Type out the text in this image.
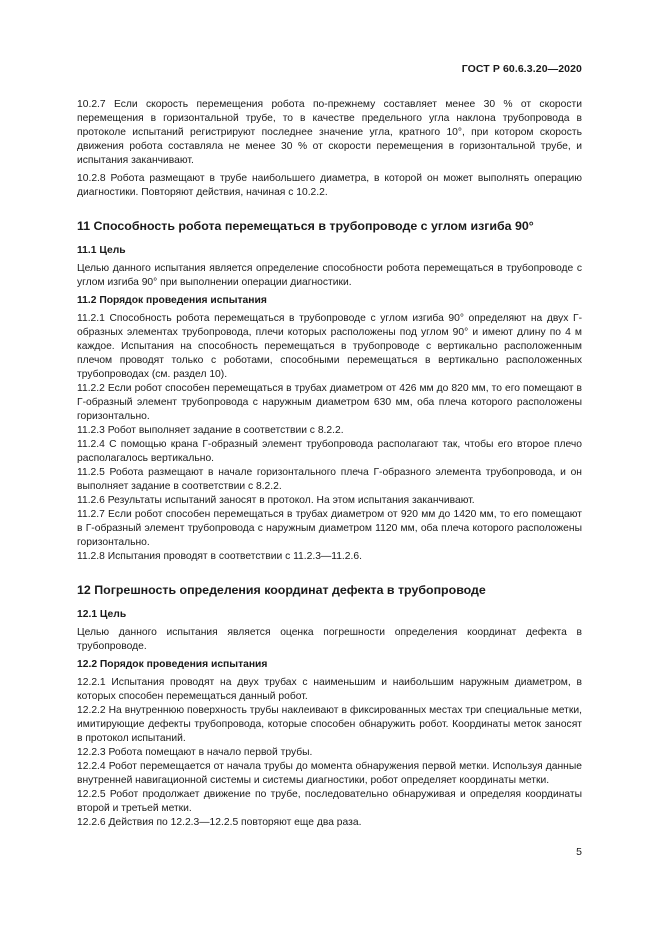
ГОСТ Р 60.6.3.20—2020

10.2.7 Если скорость перемещения робота по-прежнему составляет менее 30 % от скорости перемещения в горизонтальной трубе, то в качестве предельного угла наклона трубопровода в протоколе испытаний регистрируют последнее значение угла, кратного 10°, при котором скорость движения робота составляла не менее 30 % от скорости перемещения в горизонтальной трубе, и испытания заканчивают.

10.2.8 Робота размещают в трубе наибольшего диаметра, в которой он может выполнять операцию диагностики. Повторяют действия, начиная с 10.2.2.

11 Способность робота перемещаться в трубопроводе с углом изгиба 90°
11.1 Цель

Целью данного испытания является определение способности робота перемещаться в трубопроводе с углом изгиба 90° при выполнении операции диагностики.

11.2 Порядок проведения испытания

11.2.1 Способность робота перемещаться в трубопроводе с углом изгиба 90° определяют на двух Г-образных элементах трубопровода, плечи которых расположены под углом 90° и имеют длину по 4 м каждое. Испытания на способность перемещаться в трубопроводе с вертикально расположенным плечом проводят только с роботами, способными перемещаться в вертикально расположенных трубопроводах (см. раздел 10).

11.2.2 Если робот способен перемещаться в трубах диаметром от 426 мм до 820 мм, то его помещают в Г-образный элемент трубопровода с наружным диаметром 630 мм, оба плеча которого расположены горизонтально.

11.2.3 Робот выполняет задание в соответствии с 8.2.2.

11.2.4 С помощью крана Г-образный элемент трубопровода располагают так, чтобы его второе плечо располагалось вертикально.

11.2.5 Робота размещают в начале горизонтального плеча Г-образного элемента трубопровода, и он выполняет задание в соответствии с 8.2.2.

11.2.6 Результаты испытаний заносят в протокол. На этом испытания заканчивают.

11.2.7 Если робот способен перемещаться в трубах диаметром от 920 мм до 1420 мм, то его помещают в Г-образный элемент трубопровода с наружным диаметром 1120 мм, оба плеча которого расположены горизонтально.

11.2.8 Испытания проводят в соответствии с 11.2.3—11.2.6.

12 Погрешность определения координат дефекта в трубопроводе
12.1 Цель

Целью данного испытания является оценка погрешности определения координат дефекта в трубопроводе.

12.2 Порядок проведения испытания

12.2.1 Испытания проводят на двух трубах с наименьшим и наибольшим наружным диаметром, в которых способен перемещаться данный робот.

12.2.2 На внутреннюю поверхность трубы наклеивают в фиксированных местах три специальные метки, имитирующие дефекты трубопровода, которые способен обнаружить робот. Координаты меток заносят в протокол испытаний.

12.2.3 Робота помещают в начало первой трубы.

12.2.4 Робот перемещается от начала трубы до момента обнаружения первой метки. Используя данные внутренней навигационной системы и системы диагностики, робот определяет координаты метки.

12.2.5 Робот продолжает движение по трубе, последовательно обнаруживая и определяя координаты второй и третьей метки.

12.2.6 Действия по 12.2.3—12.2.5 повторяют еще два раза.

5
